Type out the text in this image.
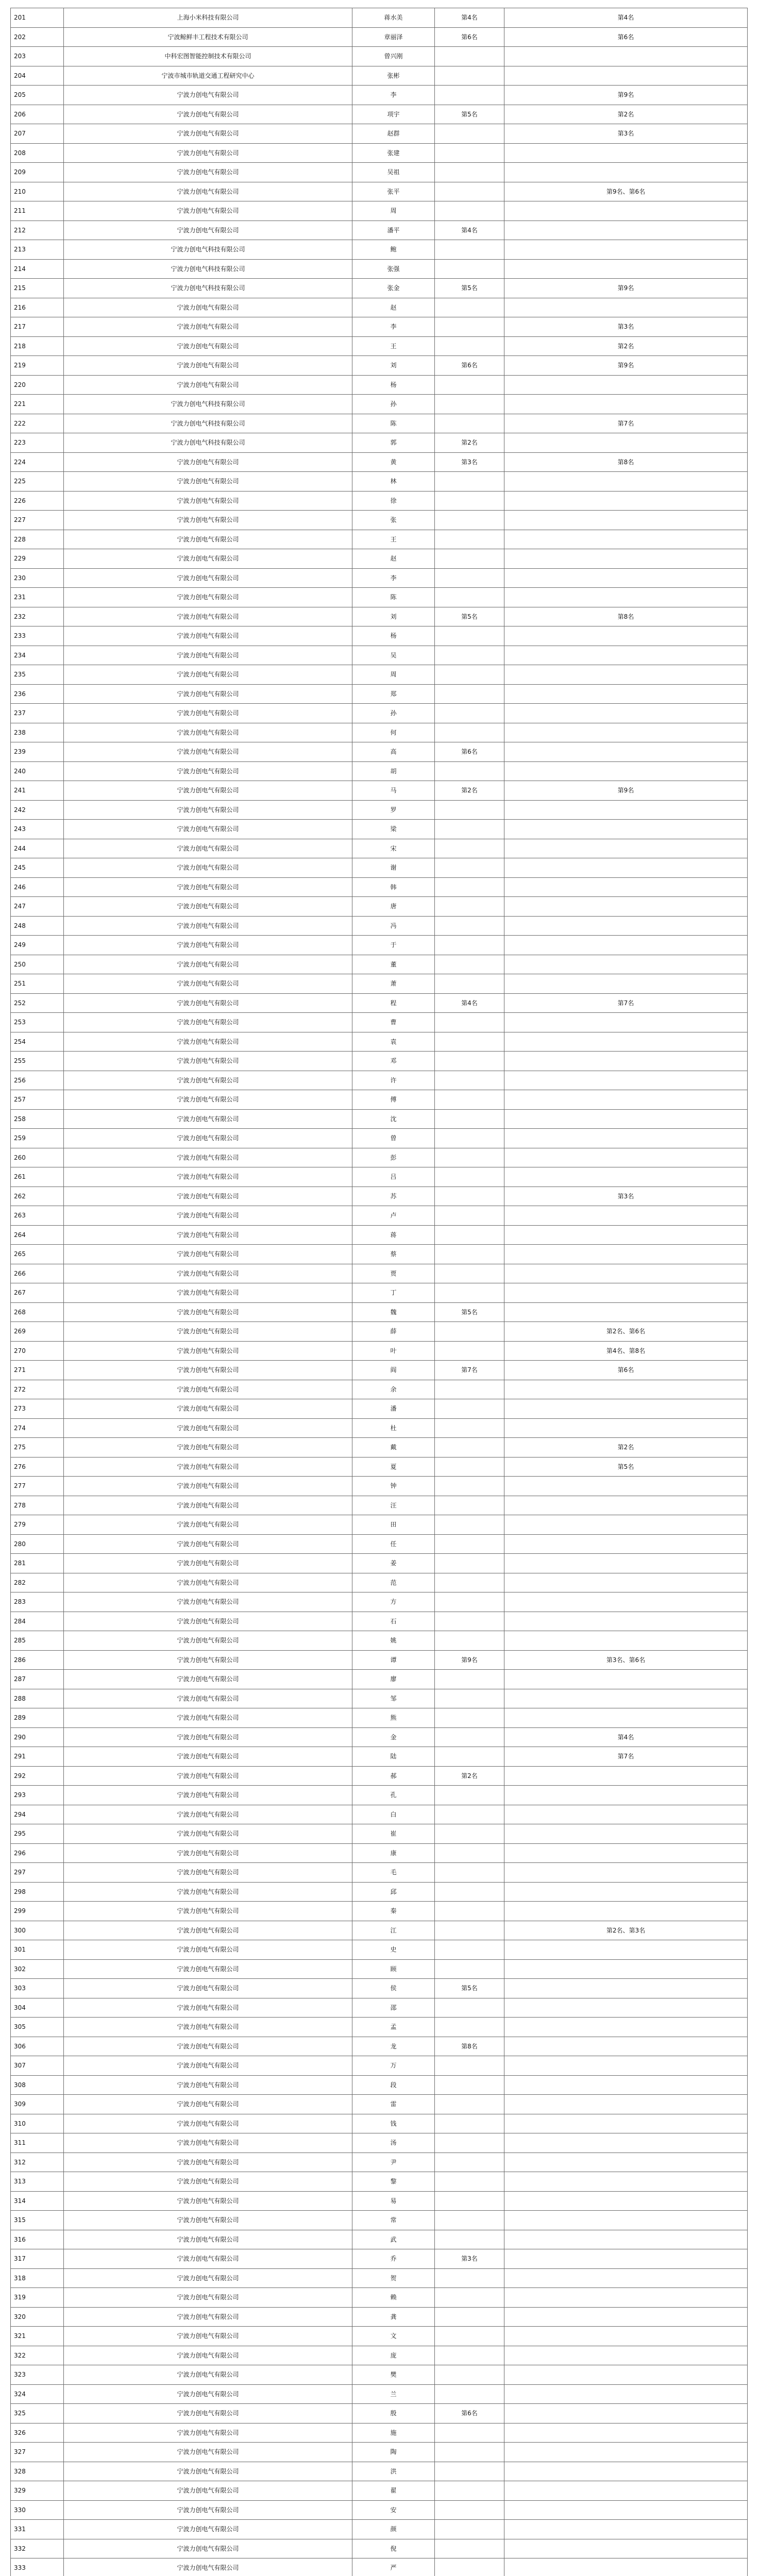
201	上海小米科技有限公司	蒋水美	第4名	第4名
202	宁波鲸鲜丰工程技术有限公司	章丽泽	第6名	第6名
203	中科宏图智能控制技术有限公司	曾兴刚		
204	宁波市城市轨道交通工程研究中心	张彬		
205	宁波力创电气有限公司	李		第9名
206	宁波力创电气有限公司	项宇	第5名	第2名
207	宁波力创电气有限公司	赵群		第3名
208	宁波力创电气有限公司	张建		
209	宁波力创电气有限公司	吴祖		
210	宁波力创电气有限公司	张平		第9名、第6名
211	宁波力创电气有限公司	周		
212	宁波力创电气有限公司	潘平	第4名	
213	宁波力创电气科技有限公司	鲍		
214	宁波力创电气科技有限公司	张强		
215	宁波力创电气科技有限公司	张金	第5名	第9名
216	宁波力创电气有限公司	赵		
217	宁波力创电气有限公司	李		第3名
218	宁波力创电气有限公司	王		第2名
219	宁波力创电气有限公司	刘	第6名	第9名
220	宁波力创电气有限公司	杨		
221	宁波力创电气科技有限公司	孙		
222	宁波力创电气科技有限公司	陈		第7名
223	宁波力创电气科技有限公司	郭	第2名	
224	宁波力创电气有限公司	黄	第3名	第8名
225	宁波力创电气有限公司	林		
226	宁波力创电气有限公司	徐		
227	宁波力创电气有限公司	张		
228	宁波力创电气有限公司	王		
229	宁波力创电气有限公司	赵		
230	宁波力创电气有限公司	李		
231	宁波力创电气有限公司	陈		
232	宁波力创电气有限公司	刘	第5名	第8名
233	宁波力创电气有限公司	杨		
234	宁波力创电气有限公司	吴		
235	宁波力创电气有限公司	周		
236	宁波力创电气有限公司	郑		
237	宁波力创电气有限公司	孙		
238	宁波力创电气有限公司	何		
239	宁波力创电气有限公司	高	第6名	
240	宁波力创电气有限公司	胡		
241	宁波力创电气有限公司	马	第2名	第9名
242	宁波力创电气有限公司	罗		
243	宁波力创电气有限公司	梁		
244	宁波力创电气有限公司	宋		
245	宁波力创电气有限公司	谢		
246	宁波力创电气有限公司	韩		
247	宁波力创电气有限公司	唐		
248	宁波力创电气有限公司	冯		
249	宁波力创电气有限公司	于		
250	宁波力创电气有限公司	董		
251	宁波力创电气有限公司	萧		
252	宁波力创电气有限公司	程	第4名	第7名
253	宁波力创电气有限公司	曹		
254	宁波力创电气有限公司	袁		
255	宁波力创电气有限公司	邓		
256	宁波力创电气有限公司	许		
257	宁波力创电气有限公司	傅		
258	宁波力创电气有限公司	沈		
259	宁波力创电气有限公司	曾		
260	宁波力创电气有限公司	彭		
261	宁波力创电气有限公司	吕		
262	宁波力创电气有限公司	苏		第3名
263	宁波力创电气有限公司	卢		
264	宁波力创电气有限公司	蒋		
265	宁波力创电气有限公司	蔡		
266	宁波力创电气有限公司	贾		
267	宁波力创电气有限公司	丁		
268	宁波力创电气有限公司	魏	第5名	
269	宁波力创电气有限公司	薛		第2名、第6名
270	宁波力创电气有限公司	叶		第4名、第8名
271	宁波力创电气有限公司	阎	第7名	第6名
272	宁波力创电气有限公司	余		
273	宁波力创电气有限公司	潘		
274	宁波力创电气有限公司	杜		
275	宁波力创电气有限公司	戴		第2名
276	宁波力创电气有限公司	夏		第5名
277	宁波力创电气有限公司	钟		
278	宁波力创电气有限公司	汪		
279	宁波力创电气有限公司	田		
280	宁波力创电气有限公司	任		
281	宁波力创电气有限公司	姜		
282	宁波力创电气有限公司	范		
283	宁波力创电气有限公司	方		
284	宁波力创电气有限公司	石		
285	宁波力创电气有限公司	姚		
286	宁波力创电气有限公司	谭	第9名	第3名、第6名
287	宁波力创电气有限公司	廖		
288	宁波力创电气有限公司	邹		
289	宁波力创电气有限公司	熊		
290	宁波力创电气有限公司	金		第4名
291	宁波力创电气有限公司	陆		第7名
292	宁波力创电气有限公司	郝	第2名	
293	宁波力创电气有限公司	孔		
294	宁波力创电气有限公司	白		
295	宁波力创电气有限公司	崔		
296	宁波力创电气有限公司	康		
297	宁波力创电气有限公司	毛		
298	宁波力创电气有限公司	邱		
299	宁波力创电气有限公司	秦		
300	宁波力创电气有限公司	江		第2名、第3名
301	宁波力创电气有限公司	史		
302	宁波力创电气有限公司	顾		
303	宁波力创电气有限公司	侯	第5名	
304	宁波力创电气有限公司	邵		
305	宁波力创电气有限公司	孟		
306	宁波力创电气有限公司	龙	第8名	
307	宁波力创电气有限公司	万		
308	宁波力创电气有限公司	段		
309	宁波力创电气有限公司	雷		
310	宁波力创电气有限公司	钱		
311	宁波力创电气有限公司	汤		
312	宁波力创电气有限公司	尹		
313	宁波力创电气有限公司	黎		
314	宁波力创电气有限公司	易		
315	宁波力创电气有限公司	常		
316	宁波力创电气有限公司	武		
317	宁波力创电气有限公司	乔	第3名	
318	宁波力创电气有限公司	贺		
319	宁波力创电气有限公司	赖		
320	宁波力创电气有限公司	龚		
321	宁波力创电气有限公司	文		
322	宁波力创电气有限公司	庞		
323	宁波力创电气有限公司	樊		
324	宁波力创电气有限公司	兰		
325	宁波力创电气有限公司	殷	第6名	
326	宁波力创电气有限公司	施		
327	宁波力创电气有限公司	陶		
328	宁波力创电气有限公司	洪		
329	宁波力创电气有限公司	翟		
330	宁波力创电气有限公司	安		
331	宁波力创电气有限公司	颜		
332	宁波力创电气有限公司	倪		
333	宁波力创电气有限公司	严		
